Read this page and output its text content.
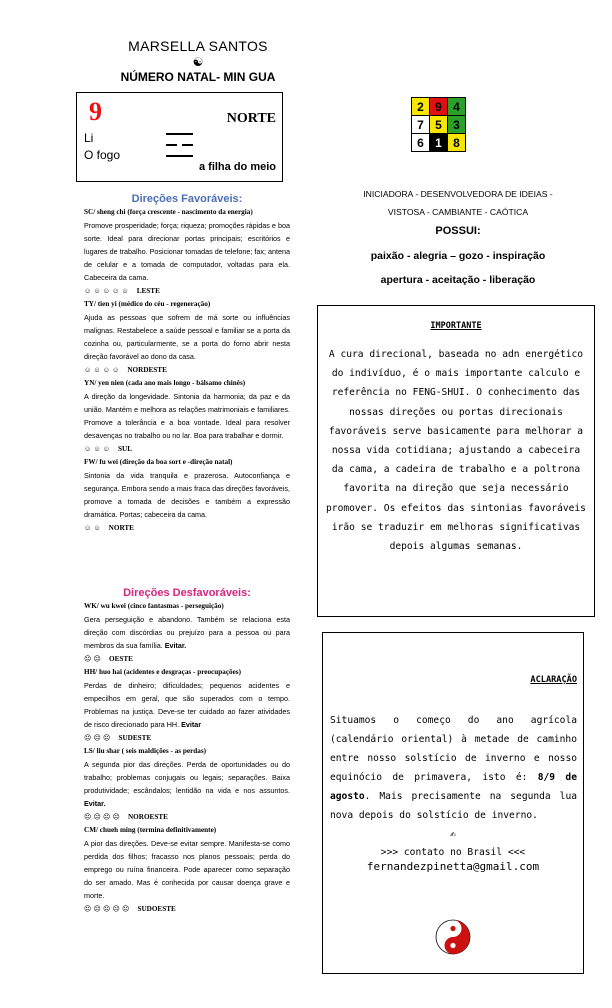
MARSELLA SANTOS
☯
NÚMERO NATAL- MIN GUA
9	NORTE
Li
O fogo
a filha do meio
2	9	4
7	5	3
6	1	8
Direções Favoráveis:
SC/ sheng chi (força crescente - nascimento da energia)
Promove prosperidade; força; riqueza; promoções rápidas e boa sorte. Ideal para direcionar portas principais; escritórios e lugares de trabalho. Posicionar tomadas de telefone; fax; antena de celular e a tomada de computador, voltadas para ela. Cabeceira da cama.
☺ ☺ ☺ ☺ ☺ LESTE
TY/ tien yi (médico do céu - regeneração)
Ajuda as pessoas que sofrem de má sorte ou influências malignas. Restabelece a saúde pessoal e familiar se a porta da cozinha ou, particularmente, se a porta do forno abrir nesta direção favorável ao dono da casa.
☺ ☺ ☺ ☺ NORDESTE
YN/ yen nien (cada ano mais longo - bálsamo chinês)
A direção da longevidade. Sintonia da harmonia; da paz e da união. Mantém e melhora as relações matrimoniais e familiares. Promove a tolerância e a boa vontade. Ideal para resolver desavenças no trabalho ou no lar. Boa para trabalhar e dormir.
☺ ☺ ☺ SUL
FW/ fu wei (direção da boa sort e -direção natal)
Sintonia da vida tranquila e prazerosa. Autoconfiança e segurança. Embora sendo a mais fraca das direções favoráveis, promove a tomada de decisões e também a expressão dramática. Portas; cabeceira da cama.
☺ ☺ NORTE
Direções Desfavoráveis:
WK/ wu kwei (cinco fantasmas - perseguição)
Gera perseguição e abandono. Também se relaciona esta direção com discórdias ou prejuízo para a pessoa ou para membros da sua família. Evitar.
☹ ☹ OESTE
HH/ huo hai (acidentes e desgraças - preocupações)
Perdas de dinheiro; dificuldades; pequenos acidentes e empecilhos em geral, que são superados com o tempo. Problemas na justiça. Deve-se ter cuidado ao fazer atividades de risco direcionado para HH. Evitar
☹ ☹ ☹ SUDESTE
LS/ liu shar ( seis maldições - as perdas)
A segunda pior das direções. Perda de oportunidades ou do trabalho; problemas conjugais ou legais; separações. Baixa produtividade; escândalos; lentidão na vida e nos assuntos. Evitar.
☹ ☹ ☹ ☹ NOROESTE
CM/ chueh ming (termina definitivamente)
A pior das direções. Deve-se evitar sempre. Manifesta-se como perdida dos filhos; fracasso nos planos pessoais; perda do emprego ou ruína financeira. Pode aparecer como separação do ser amado. Mas é conhecida por causar doença grave e morte.
☹ ☹ ☹ ☹ ☹ SUDOESTE
INICIADORA - DESENVOLVEDORA DE IDEIAS -
VISTOSA - CAMBIANTE - CAÓTICA
POSSUI:
paixão - alegria – gozo - inspiração
apertura - aceitação - liberação
IMPORTANTE
A cura direcional, baseada no adn energético do indivíduo, é o mais importante calculo e referência no FENG-SHUI. O conhecimento das nossas direções ou portas direcionais favoráveis serve basicamente para melhorar a nossa vida cotidiana; ajustando a cabeceira da cama, a cadeira de trabalho e a poltrona favorita na direção que seja necessário promover. Os efeitos das sintonias favoráveis irão se traduzir em melhoras significativas depois algumas semanas.
ACLARAÇÃO
Situamos o começo do ano agrícola (calendário oriental) à metade de caminho entre nosso solstício de inverno e nosso equinócio de primavera, isto é: 8/9 de agosto. Mais precisamente na segunda lua nova depois do solstício de inverno.
✍
>>> contato no Brasil <<<
fernandezpinetta@gmail.com
